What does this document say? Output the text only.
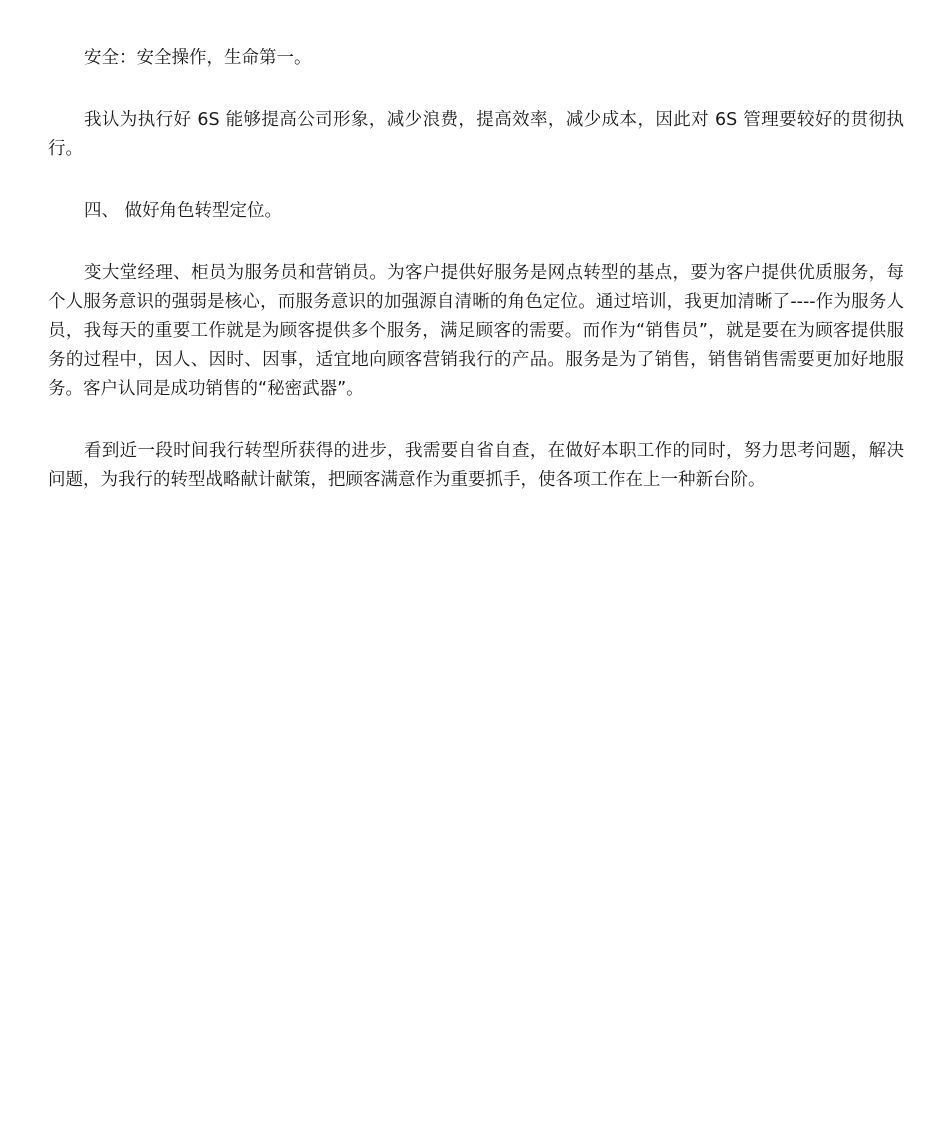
安全：安全操作，生命第一。

我认为执行好 6S 能够提高公司形象，减少浪费，提高效率，减少成本，因此对 6S 管理要较好的贯彻执行。

四、 做好角色转型定位。

变大堂经理、柜员为服务员和营销员。为客户提供好服务是网点转型的基点，要为客户提供优质服务，每个人服务意识的强弱是核心，而服务意识的加强源自清晰的角色定位。通过培训，我更加清晰了----作为服务人员，我每天的重要工作就是为顾客提供多个服务，满足顾客的需要。而作为“销售员”，就是要在为顾客提供服务的过程中，因人、因时、因事，适宜地向顾客营销我行的产品。服务是为了销售，销售销售需要更加好地服务。客户认同是成功销售的“秘密武器”。

看到近一段时间我行转型所获得的进步，我需要自省自查，在做好本职工作的同时，努力思考问题，解决问题，为我行的转型战略献计献策，把顾客满意作为重要抓手，使各项工作在上一种新台阶。
